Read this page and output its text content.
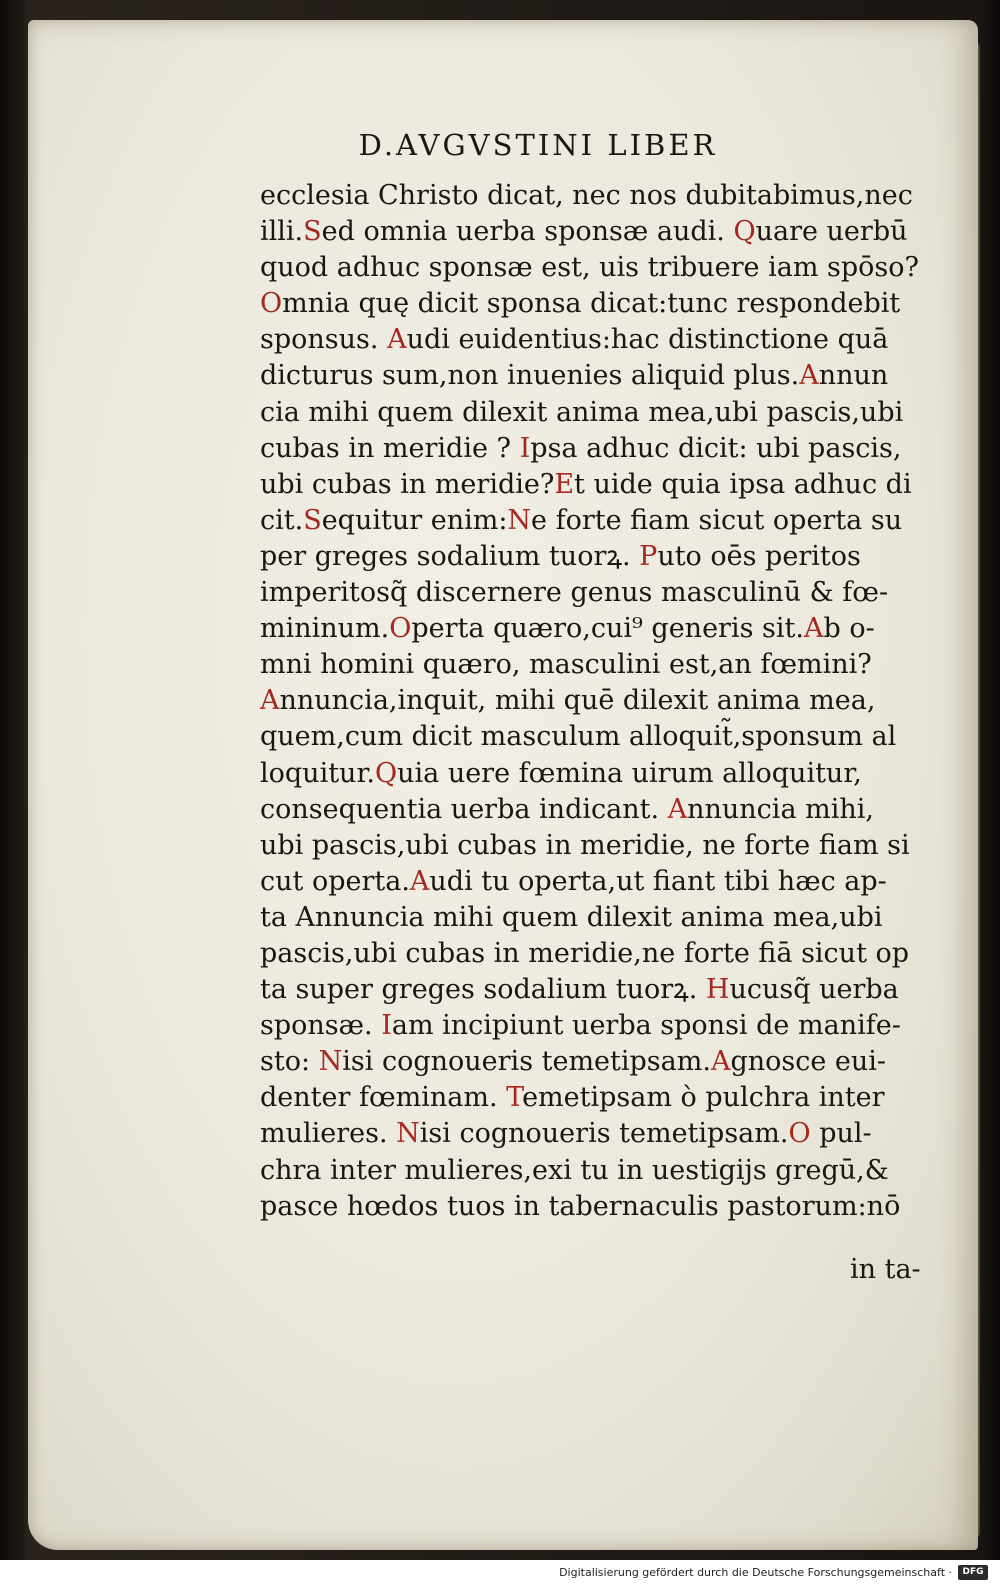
D.AVGVSTINI LIBER
ecclesia Christo dicat, nec nos dubitabimus,nec
illi.Sed omnia uerba sponsæ audi. Quare uerbū
quod adhuc sponsæ est, uis tribuere iam spōso?
Omnia quę dicit sponsa dicat:tunc respondebit
sponsus. Audi euidentius:hac distinctione quā
dicturus sum,non inuenies aliquid plus.Annun
cia mihi quem dilexit anima mea,ubi pascis,ubi
cubas in meridie ? Ipsa adhuc dicit: ubi pascis,
ubi cubas in meridie?Et uide quia ipsa adhuc di
cit.Sequitur enim:Ne forte fiam sicut operta su
per greges sodalium tuorꝝ. Puto oēs peritos
imperitosq̃ discernere genus masculinū & fœ-
mininum.Operta quæro,cui⁹ generis sit.Ab o-
mni homini quæro, masculini est,an fœmini?
Annuncia,inquit, mihi quē dilexit anima mea,
quem,cum dicit masculum alloquit̃,sponsum al
loquitur.Quia uere fœmina uirum alloquitur,
consequentia uerba indicant. Annuncia mihi,
ubi pascis,ubi cubas in meridie, ne forte fiam si
cut operta.Audi tu operta,ut fiant tibi hæc ap-
ta Annuncia mihi quem dilexit anima mea,ubi
pascis,ubi cubas in meridie,ne forte fiā sicut op
ta super greges sodalium tuorꝝ. Hucusq̃ uerba
sponsæ. Iam incipiunt uerba sponsi de manife-
sto: Nisi cognoueris temetipsam.Agnosce eui-
denter fœminam. Temetipsam ò pulchra inter
mulieres. Nisi cognoueris temetipsam.O pul-
chra inter mulieres,exi tu in uestigijs gregū,&
pasce hœdos tuos in tabernaculis pastorum:nō
in ta-
Digitalisierung gefördert durch die Deutsche Forschungsgemeinschaft ·	DFG
